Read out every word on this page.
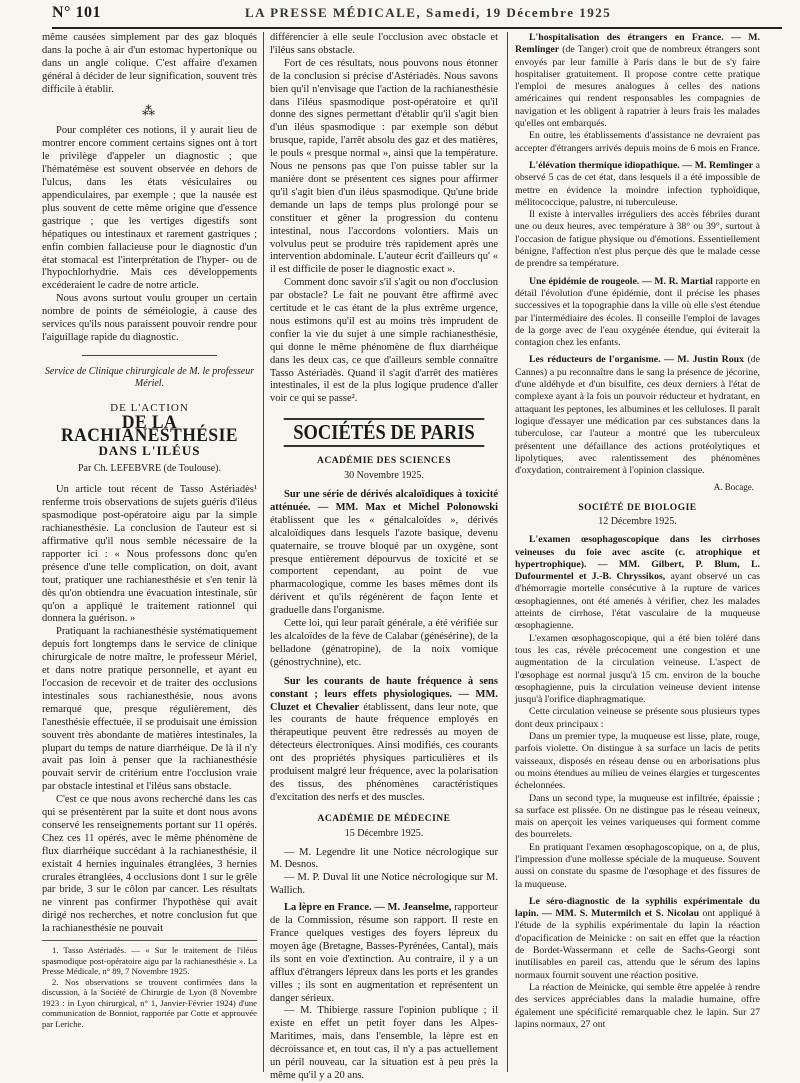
N° 101	LA PRESSE MÉDICALE, Samedi, 19 Décembre 1925

même causées simplement par des gaz bloqués dans la poche à air d'un estomac hypertonique ou dans un angle colique. C'est affaire d'examen général à décider de leur signification, souvent très difficile à établir.

⁂

Pour compléter ces notions, il y aurait lieu de montrer encore comment certains signes ont à tort le privilège d'appeler un diagnostic ; que l'hématémèse est souvent observée en dehors de l'ulcus, dans les états vésiculaires ou appendiculaires, par exemple ; que la nausée est plus souvent de cette même origine que d'essence gastrique ; que les vertiges digestifs sont hépatiques ou intestinaux et rarement gastriques ; enfin combien fallacieuse pour le diagnostic d'un état stomacal est l'interprétation de l'hyper- ou de l'hypochlorhydrie. Mais ces développements excéderaient le cadre de notre article.

Nous avons surtout voulu grouper un certain nombre de points de séméiologie, à cause des services qu'ils nous paraissent pouvoir rendre pour l'aiguillage rapide du diagnostic.

Service de Clinique chirurgicale de M. le professeur Mériel.
DE L'ACTION
DE LA RACHIANESTHÉSIE
DANS L'ILÉUS
Par Ch. LEFEBVRE (de Toulouse).

Un article tout récent de Tasso Astériadès¹ renferme trois observations de sujets guéris d'iléus spasmodique post-opératoire aigu par la simple rachianesthésie. La conclusion de l'auteur est si affirmative qu'il nous semble nécessaire de la rapporter ici : « Nous professons donc qu'en présence d'une telle complication, on doit, avant tout, pratiquer une rachianesthésie et s'en tenir là dès qu'on obtiendra une évacuation intestinale, sûr qu'on a appliqué le traitement rationnel qui donnera la guérison. »

Pratiquant la rachianesthésie systématiquement depuis fort longtemps dans le service de clinique chirurgicale de notre maître, le professeur Mériel, et dans notre pratique personnelle, et ayant eu l'occasion de recevoir et de traiter des occlusions intestinales sous rachianesthésie, nous avons remarqué que, presque régulièrement, dès l'anesthésie effectuée, il se produisait une émission souvent très abondante de matières intestinales, la plupart du temps de nature diarrhéique. De là il n'y avait pas loin à penser que la rachianesthésie pouvait servir de critérium entre l'occlusion vraie par obstacle intestinal et l'iléus sans obstacle.

C'est ce que nous avons recherché dans les cas qui se présentèrent par la suite et dont nous avons conservé les renseignements portant sur 11 opérés. Chez ces 11 opérés, avec le même phénomène de flux diarrhéique succédant à la rachianesthésie, il existait 4 hernies inguinales étranglées, 3 hernies crurales étranglées, 4 occlusions dont 1 sur le grêle par bride, 3 sur le côlon par cancer. Les résultats ne vinrent pas confirmer l'hypothèse qui avait dirigé nos recherches, et notre conclusion fut que la rachianesthésie ne pouvait

1. Tasso Astériadès. — « Sur le traitement de l'iléus spasmodique post-opératoire aigu par la rachianesthésie ». La Presse Médicale, n° 89, 7 Novembre 1925.

2. Nos observations se trouvent confirmées dans la discussion, à la Société de Chirurgie de Lyon (8 Novembre 1923 : in Lyon chirurgical, n° 1, Janvier-Février 1924) d'une communication de Bonniot, rapportée par Cotte et approuvée par Leriche.

différencier à elle seule l'occlusion avec obstacle et l'iléus sans obstacle.

Fort de ces résultats, nous pouvons nous étonner de la conclusion si précise d'Astériadès. Nous savons bien qu'il n'envisage que l'action de la rachianesthésie dans l'iléus spasmodique post-opératoire et qu'il donne des signes permettant d'établir qu'il s'agit bien d'un iléus spasmodique : par exemple son début brusque, rapide, l'arrêt absolu des gaz et des matières, le pouls « presque normal », ainsi que la température. Nous ne pensons pas que l'on puisse tabler sur la manière dont se présentent ces signes pour affirmer qu'il s'agit bien d'un iléus spasmodique. Qu'une bride demande un laps de temps plus prolongé pour se constituer et gêner la progression du contenu intestinal, nous l'accordons volontiers. Mais un volvulus peut se produire très rapidement après une intervention abdominale. L'auteur écrit d'ailleurs qu' « il est difficile de poser le diagnostic exact ».

Comment donc savoir s'il s'agit ou non d'occlusion par obstacle? Le fait ne pouvant être affirmé avec certitude et le cas étant de la plus extrême urgence, nous estimons qu'il est au moins très imprudent de confier la vie du sujet à une simple rachianesthésie, qui donne le même phénomène de flux diarrhéique dans les deux cas, ce que d'ailleurs semble connaître Tasso Astériadès. Quand il s'agit d'arrêt des matières intestinales, il est de la plus logique prudence d'aller voir ce qui se passe².

SOCIÉTÉS DE PARIS
ACADÉMIE DES SCIENCES
30 Novembre 1925.

Sur une série de dérivés alcaloïdiques à toxicité atténuée. — MM. Max et Michel Polonowski établissent que les « génalcaloïdes », dérivés alcaloïdiques dans lesquels l'azote basique, devenu quaternaire, se trouve bloqué par un oxygène, sont presque entièrement dépourvus de toxicité et se comportent cependant, au point de vue pharmacologique, comme les bases mêmes dont ils dérivent et qu'ils régénèrent de façon lente et graduelle dans l'organisme.

Cette loi, qui leur paraît générale, a été vérifiée sur les alcaloïdes de la fève de Calabar (génésérine), de la belladone (génatropine), de la noix vomique (génostrychnine), etc.

Sur les courants de haute fréquence à sens constant ; leurs effets physiologiques. — MM. Cluzet et Chevalier établissent, dans leur note, que les courants de haute fréquence employés en thérapeutique peuvent être redressés au moyen de détecteurs électroniques. Ainsi modifiés, ces courants ont des propriétés physiques particulières et ils produisent malgré leur fréquence, avec la polarisation des tissus, des phénomènes caractéristiques d'excitation des nerfs et des muscles.

ACADÉMIE DE MÉDECINE
15 Décembre 1925.

— M. Legendre lit une Notice nécrologique sur M. Desnos.

— M. P. Duval lit une Notice nécrologique sur M. Wallich.

La lèpre en France. — M. Jeanselme, rapporteur de la Commission, résume son rapport. Il reste en France quelques vestiges des foyers lépreux du moyen âge (Bretagne, Basses-Pyrénées, Cantal), mais ils sont en voie d'extinction. Au contraire, il y a un afflux d'étrangers lépreux dans les ports et les grandes villes ; ils sont en augmentation et représentent un danger sérieux.

— M. Thibierge rassure l'opinion publique ; il existe en effet un petit foyer dans les Alpes-Maritimes, mais, dans l'ensemble, la lèpre est en décroissance et, en tout cas, il n'y a pas actuellement un péril nouveau, car la situation est à peu près la même qu'il y a 20 ans.

L'hospitalisation des étrangers en France. — M. Remlinger (de Tanger) croit que de nombreux étrangers sont envoyés par leur famille à Paris dans le but de s'y faire hospitaliser gratuitement. Il propose contre cette pratique l'emploi de mesures analogues à celles des nations américaines qui rendent responsables les compagnies de navigation et les obligent à rapatrier à leurs frais les malades qu'elles ont embarqués.

En outre, les établissements d'assistance ne devraient pas accepter d'étrangers arrivés depuis moins de 6 mois en France.

L'élévation thermique idiopathique. — M. Remlinger a observé 5 cas de cet état, dans lesquels il a été impossible de mettre en évidence la moindre infection typhoïdique, mélitococcique, palustre, ni tuberculeuse.

Il existe à intervalles irréguliers des accès fébriles durant une ou deux heures, avec température à 38° ou 39°, surtout à l'occasion de fatigue physique ou d'émotions. Essentiellement bénigne, l'affection n'est plus perçue dès que le malade cesse de prendre sa température.

Une épidémie de rougeole. — M. R. Martial rapporte en détail l'évolution d'une épidémie, dont il précise les phases successives et la topographie dans la ville où elle s'est étendue par l'intermédiaire des écoles. Il conseille l'emploi de lavages de la gorge avec de l'eau oxygénée étendue, qui éviterait la contagion chez les enfants.

Les réducteurs de l'organisme. — M. Justin Roux (de Cannes) a pu reconnaître dans le sang la présence de jécorine, d'une aldéhyde et d'un bisulfite, ces deux derniers à l'état de complexe ayant à la fois un pouvoir réducteur et hydratant, en attaquant les peptones, les albumines et les celluloses. Il paraît logique d'essayer une médication par ces substances dans la tuberculose, car l'auteur a montré que les tuberculeux présentent une défaillance des actions protéolytiques et lipolytiques, avec ralentissement des phénomènes d'oxydation, contrairement à l'opinion classique.

A. Bocage.
SOCIÉTÉ DE BIOLOGIE
12 Décembre 1925.

L'examen œsophagoscopique dans les cirrhoses veineuses du foie avec ascite (c. atrophique et hypertrophique). — MM. Gilbert, P. Blum, L. Dufourmentel et J.-B. Chryssikos, ayant observé un cas d'hémorragie mortelle consécutive à la rupture de varices œsophagiennes, ont été amenés à vérifier, chez les malades atteints de cirrhose, l'état vasculaire de la muqueuse œsophagienne.

L'examen œsophagoscopique, qui a été bien toléré dans tous les cas, révèle précocement une congestion et une augmentation de la circulation veineuse. L'aspect de l'œsophage est normal jusqu'à 15 cm. environ de la bouche œsophagienne, puis la circulation veineuse devient intense jusqu'à l'orifice diaphragmatique.

Cette circulation veineuse se présente sous plusieurs types dont deux principaux :

Dans un premier type, la muqueuse est lisse, plate, rouge, parfois violette. On distingue à sa surface un lacis de petits vaisseaux, disposés en réseau dense ou en arborisations plus ou moins étendues au milieu de veines élargies et turgescentes échelonnées.

Dans un second type, la muqueuse est infiltrée, épaissie ; sa surface est plissée. On ne distingue pas le réseau veineux, mais on aperçoit les veines variqueuses qui forment comme des bourrelets.

En pratiquant l'examen œsophagoscopique, on a, de plus, l'impression d'une mollesse spéciale de la muqueuse. Souvent aussi on constate du spasme de l'œsophage et des fissures de la muqueuse.

Le séro-diagnostic de la syphilis expérimentale du lapin. — MM. S. Mutermilch et S. Nicolau ont appliqué à l'étude de la syphilis expérimentale du lapin la réaction d'opacification de Meinicke : on sait en effet que la réaction de Bordet-Wassermann et celle de Sachs-Georgi sont inutilisables en pareil cas, attendu que le sérum des lapins normaux fournit souvent une réaction positive.

La réaction de Meinicke, qui semble être appelée à rendre des services appréciables dans la maladie humaine, offre également une spécificité remarquable chez le lapin. Sur 27 lapins normaux, 27 ont
